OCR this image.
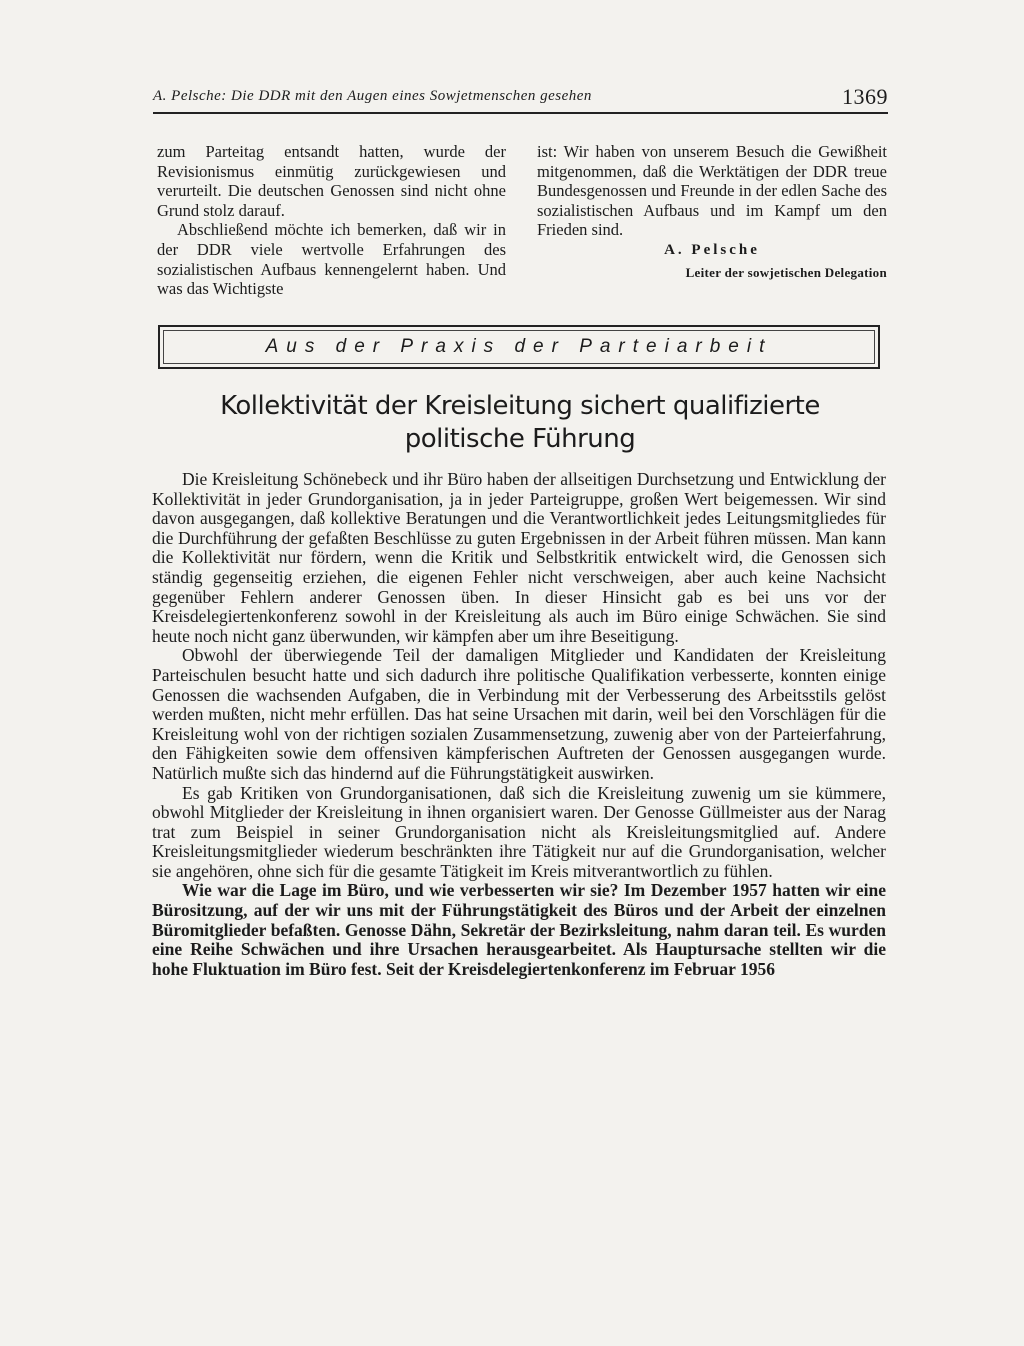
A. Pelsche: Die DDR mit den Augen eines Sowjetmenschen gesehen	1369

zum Parteitag entsandt hatten, wurde der Revisionismus einmütig zurückgewiesen und verurteilt. Die deutschen Genossen sind nicht ohne Grund stolz darauf.

Abschließend möchte ich bemerken, daß wir in der DDR viele wertvolle Erfahrungen des sozialistischen Aufbaus kennengelernt haben. Und was das Wichtigste

ist: Wir haben von unserem Besuch die Gewißheit mitgenommen, daß die Werktätigen der DDR treue Bundesgenossen und Freunde in der edlen Sache des sozialistischen Aufbaus und im Kampf um den Frieden sind.

A. Pelsche
Leiter der sowjetischen Delegation
Aus der Praxis der Parteiarbeit
Kollektivität der Kreisleitung sichert qualifizierte
politische Führung

Die Kreisleitung Schönebeck und ihr Büro haben der allseitigen Durchsetzung und Entwicklung der Kollektivität in jeder Grundorganisation, ja in jeder Parteigruppe, großen Wert beigemessen. Wir sind davon ausgegangen, daß kollektive Beratungen und die Verantwortlichkeit jedes Leitungsmitgliedes für die Durchführung der gefaßten Beschlüsse zu guten Ergebnissen in der Arbeit führen müssen. Man kann die Kollektivität nur fördern, wenn die Kritik und Selbstkritik entwickelt wird, die Genossen sich ständig gegenseitig erziehen, die eigenen Fehler nicht verschweigen, aber auch keine Nachsicht gegenüber Fehlern anderer Genossen üben. In dieser Hinsicht gab es bei uns vor der Kreisdelegiertenkonferenz sowohl in der Kreisleitung als auch im Büro einige Schwächen. Sie sind heute noch nicht ganz überwunden, wir kämpfen aber um ihre Beseitigung.

Obwohl der überwiegende Teil der damaligen Mitglieder und Kandidaten der Kreisleitung Parteischulen besucht hatte und sich dadurch ihre politische Qualifikation verbesserte, konnten einige Genossen die wachsenden Aufgaben, die in Verbindung mit der Verbesserung des Arbeitsstils gelöst werden mußten, nicht mehr erfüllen. Das hat seine Ursachen mit darin, weil bei den Vorschlägen für die Kreisleitung wohl von der richtigen sozialen Zusammensetzung, zuwenig aber von der Parteierfahrung, den Fähigkeiten sowie dem offensiven kämpferischen Auftreten der Genossen ausgegangen wurde. Natürlich mußte sich das hindernd auf die Führungstätigkeit auswirken.

Es gab Kritiken von Grundorganisationen, daß sich die Kreisleitung zuwenig um sie kümmere, obwohl Mitglieder der Kreisleitung in ihnen organisiert waren. Der Genosse Güllmeister aus der Narag trat zum Beispiel in seiner Grundorganisation nicht als Kreisleitungsmitglied auf. Andere Kreisleitungsmitglieder wiederum beschränkten ihre Tätigkeit nur auf die Grundorganisation, welcher sie angehören, ohne sich für die gesamte Tätigkeit im Kreis mitverantwortlich zu fühlen.

Wie war die Lage im Büro, und wie verbesserten wir sie? Im Dezember 1957 hatten wir eine Bürositzung, auf der wir uns mit der Führungstätigkeit des Büros und der Arbeit der einzelnen Büromitglieder befaßten. Genosse Dähn, Sekretär der Bezirksleitung, nahm daran teil. Es wurden eine Reihe Schwächen und ihre Ursachen herausgearbeitet. Als Hauptursache stellten wir die hohe Fluktuation im Büro fest. Seit der Kreisdelegiertenkonferenz im Februar 1956
